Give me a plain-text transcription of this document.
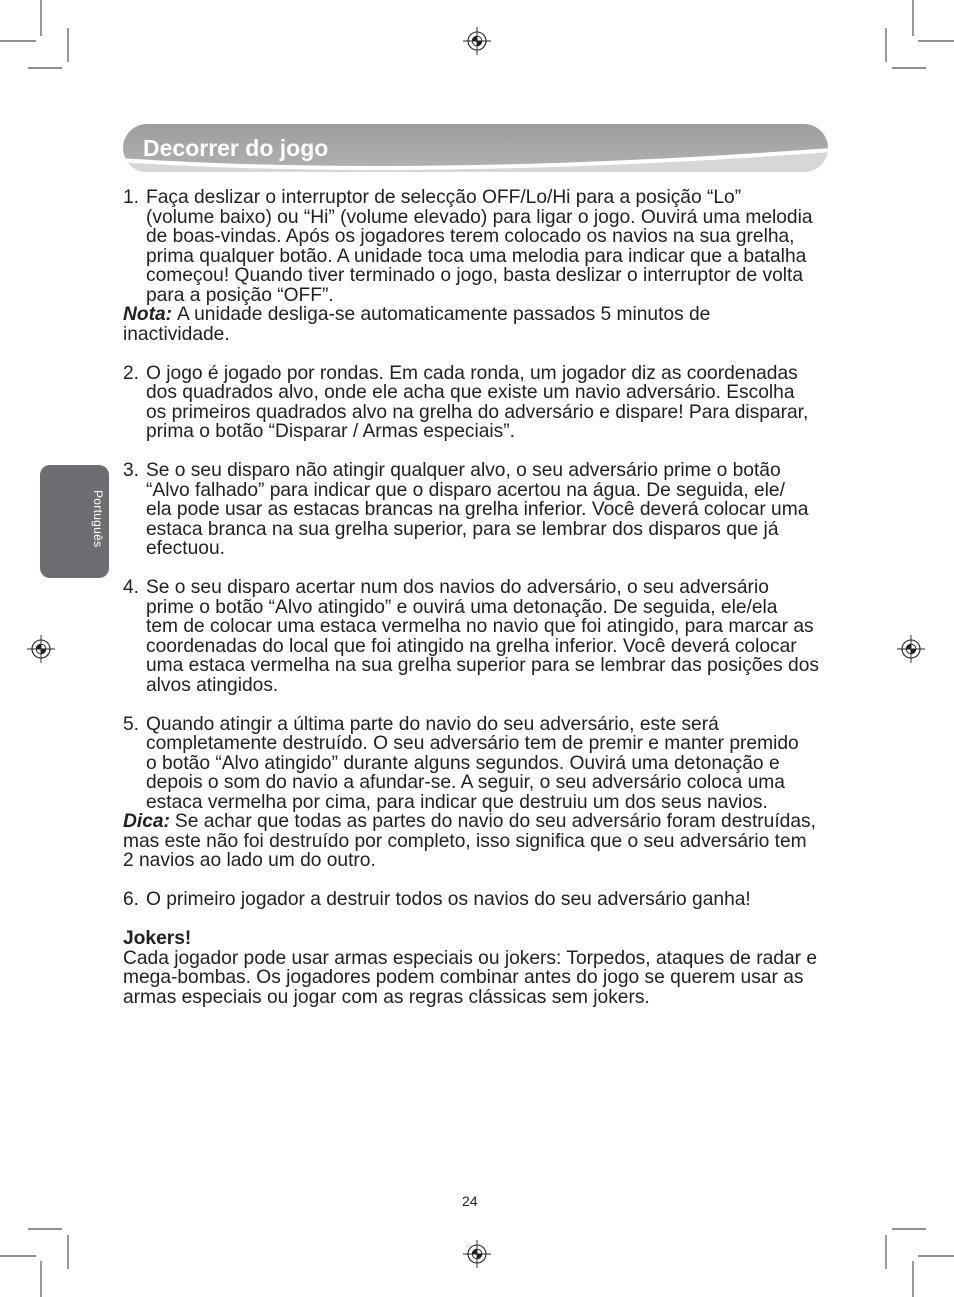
Decorrer do jogo
Português
1. Faça deslizar o interruptor de selecção OFF/Lo/Hi para a posição “Lo”
(volume baixo) ou “Hi” (volume elevado) para ligar o jogo. Ouvirá uma melodia
de boas-vindas. Após os jogadores terem colocado os navios na sua grelha,
prima qualquer botão. A unidade toca uma melodia para indicar que a batalha
começou! Quando tiver terminado o jogo, basta deslizar o interruptor de volta
para a posição “OFF”.
Nota: A unidade desliga-se automaticamente passados 5 minutos de
inactividade.
2. O jogo é jogado por rondas. Em cada ronda, um jogador diz as coordenadas
dos quadrados alvo, onde ele acha que existe um navio adversário. Escolha
os primeiros quadrados alvo na grelha do adversário e dispare! Para disparar,
prima o botão “Disparar / Armas especiais”.
3. Se o seu disparo não atingir qualquer alvo, o seu adversário prime o botão
“Alvo falhado” para indicar que o disparo acertou na água. De seguida, ele/
ela pode usar as estacas brancas na grelha inferior. Você deverá colocar uma
estaca branca na sua grelha superior, para se lembrar dos disparos que já
efectuou.
4. Se o seu disparo acertar num dos navios do adversário, o seu adversário
prime o botão “Alvo atingido” e ouvirá uma detonação. De seguida, ele/ela
tem de colocar uma estaca vermelha no navio que foi atingido, para marcar as
coordenadas do local que foi atingido na grelha inferior. Você deverá colocar
uma estaca vermelha na sua grelha superior para se lembrar das posições dos
alvos atingidos.
5. Quando atingir a última parte do navio do seu adversário, este será
completamente destruído. O seu adversário tem de premir e manter premido
o botão “Alvo atingido” durante alguns segundos. Ouvirá uma detonação e
depois o som do navio a afundar-se. A seguir, o seu adversário coloca uma
estaca vermelha por cima, para indicar que destruiu um dos seus navios.
Dica: Se achar que todas as partes do navio do seu adversário foram destruídas,
mas este não foi destruído por completo, isso significa que o seu adversário tem
2 navios ao lado um do outro.
6. O primeiro jogador a destruir todos os navios do seu adversário ganha!
Jokers!
Cada jogador pode usar armas especiais ou jokers: Torpedos, ataques de radar e
mega-bombas. Os jogadores podem combinar antes do jogo se querem usar as
armas especiais ou jogar com as regras clássicas sem jokers.
24
